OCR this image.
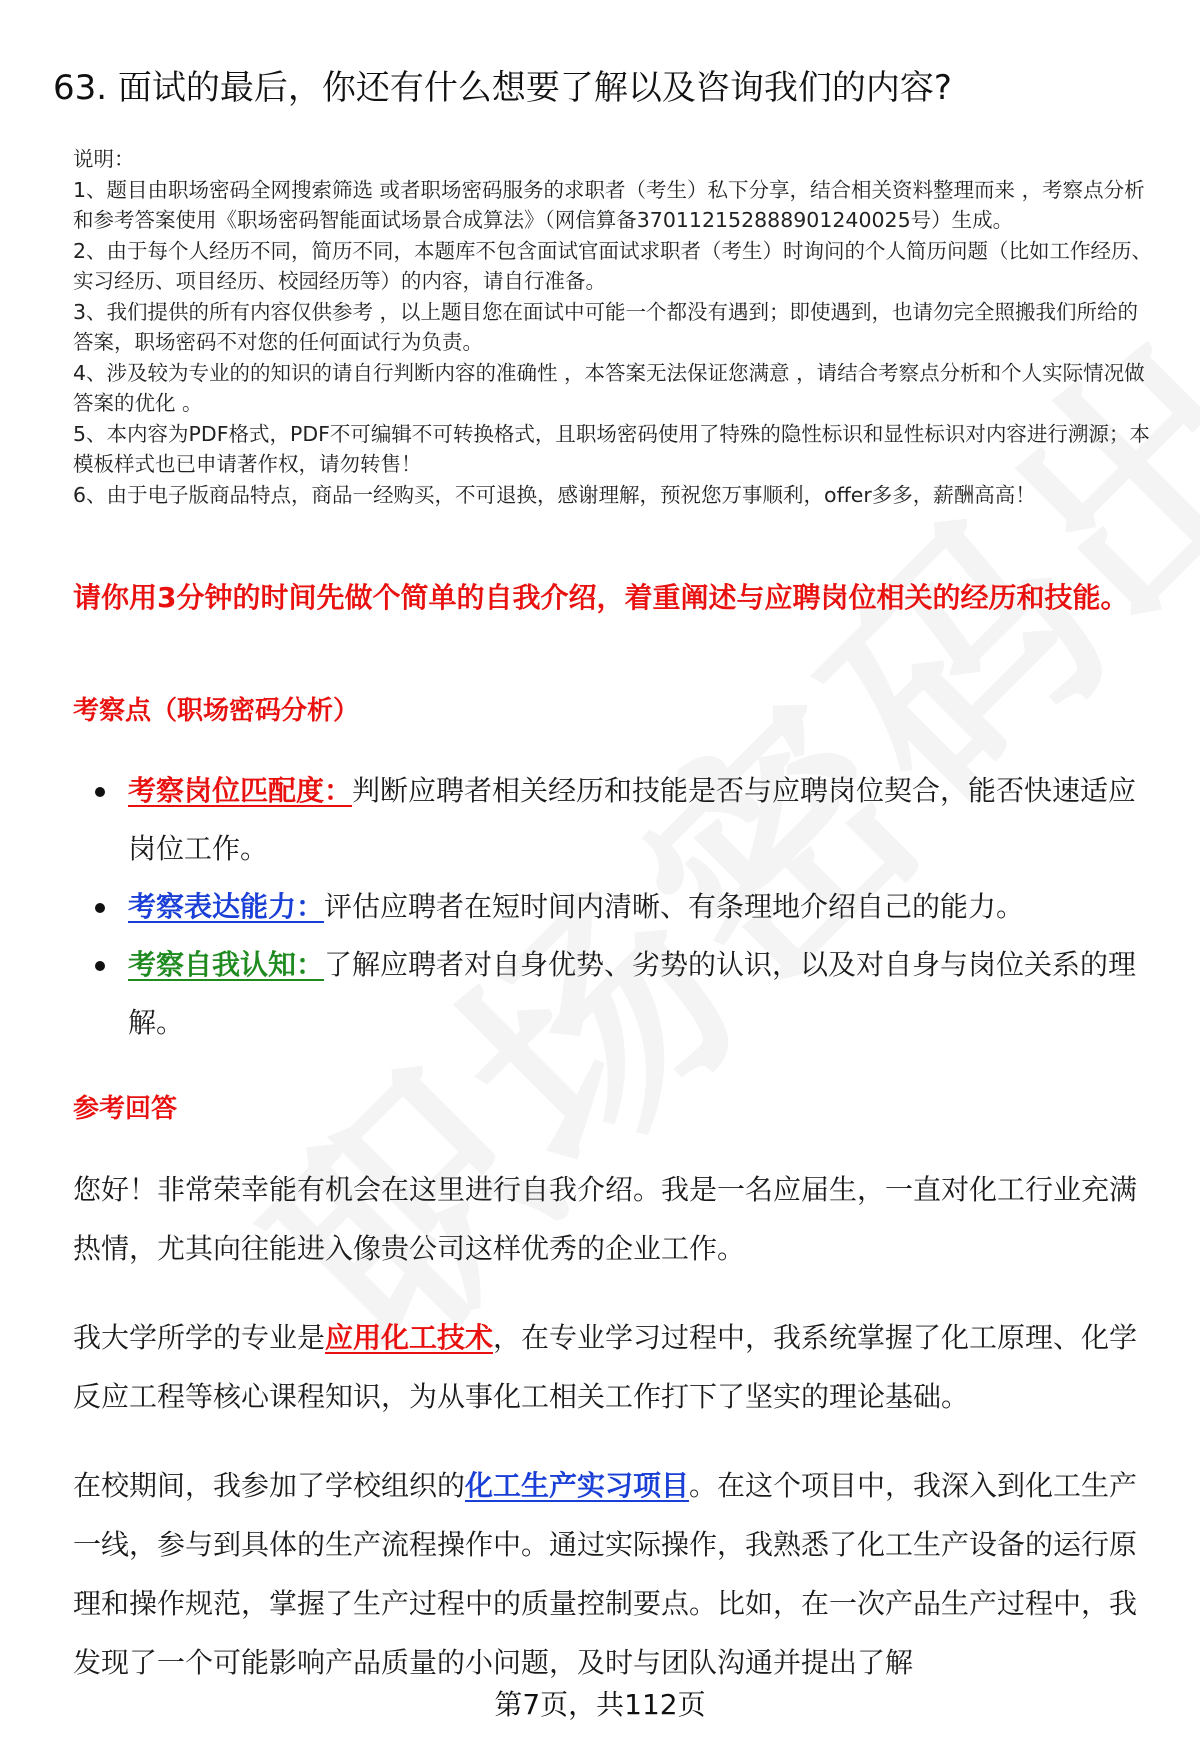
63. 面试的最后，你还有什么想要了解以及咨询我们的内容?

说明：

1、题目由职场密码全网搜索筛选 或者职场密码服务的求职者（考生）私下分享，结合相关资料整理而来 ，考察点分析和参考答案使用《职场密码智能面试场景合成算法》（网信算备370112152888901240025号）生成。

2、由于每个人经历不同，简历不同，本题库不包含面试官面试求职者（考生）时询问的个人简历问题（比如工作经历、实习经历、项目经历、校园经历等）的内容，请自行准备。

3、我们提供的所有内容仅供参考 ，以上题目您在面试中可能一个都没有遇到；即使遇到，也请勿完全照搬我们所给的答案，职场密码不对您的任何面试行为负责。

4、涉及较为专业的的知识的请自行判断内容的准确性 ，本答案无法保证您满意 ，请结合考察点分析和个人实际情况做答案的优化 。

5、本内容为PDF格式，PDF不可编辑不可转换格式，且职场密码使用了特殊的隐性标识和显性标识对内容进行溯源；本模板样式也已申请著作权，请勿转售！

6、由于电子版商品特点，商品一经购买，不可退换，感谢理解，预祝您万事顺利，offer多多，薪酬高高！

请你用3分钟的时间先做个简单的自我介绍，着重阐述与应聘岗位相关的经历和技能。

考察点（职场密码分析）
考察岗位匹配度：判断应聘者相关经历和技能是否与应聘岗位契合，能否快速适应岗位工作。
考察表达能力：评估应聘者在短时间内清晰、有条理地介绍自己的能力。
考察自我认知：了解应聘者对自身优势、劣势的认识，以及对自身与岗位关系的理解。
参考回答

您好！非常荣幸能有机会在这里进行自我介绍。我是一名应届生，一直对化工行业充满热情，尤其向往能进入像贵公司这样优秀的企业工作。

我大学所学的专业是应用化工技术，在专业学习过程中，我系统掌握了化工原理、化学反应工程等核心课程知识，为从事化工相关工作打下了坚实的理论基础。

在校期间，我参加了学校组织的化工生产实习项目。在这个项目中，我深入到化工生产一线，参与到具体的生产流程操作中。通过实际操作，我熟悉了化工生产设备的运行原理和操作规范，掌握了生产过程中的质量控制要点。比如，在一次产品生产过程中，我发现了一个可能影响产品质量的小问题，及时与团队沟通并提出了解

第7页，共112页
